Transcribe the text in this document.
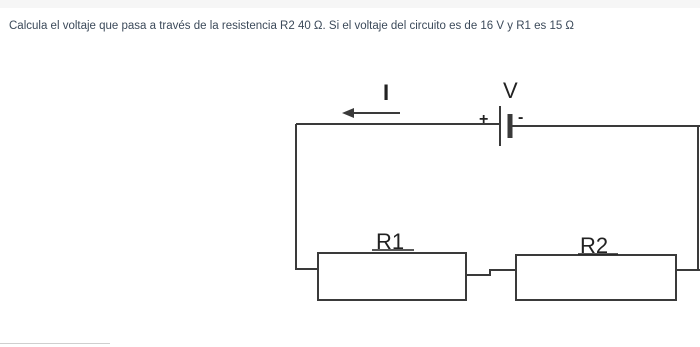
Calcula el voltaje que pasa a través de la resistencia R2 40 Ω. Si el voltaje del circuito es de 16 V y R1 es 15 Ω
I	V
+ -
R1	R2
